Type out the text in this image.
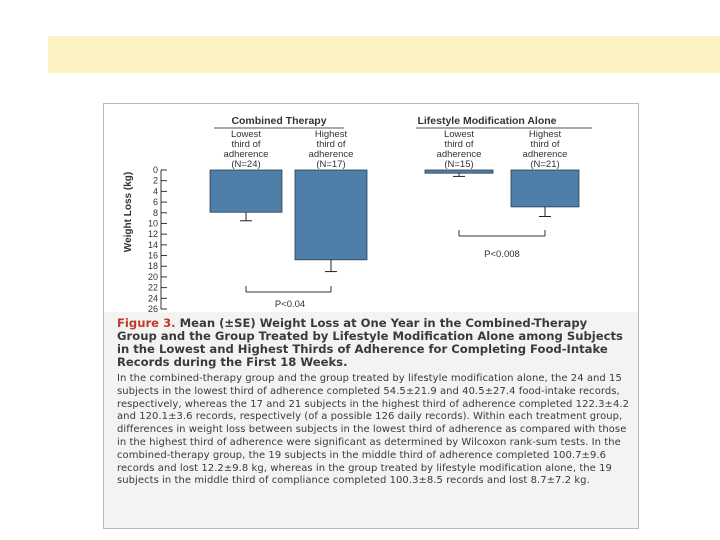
Weight Loss (kg)
Combined Therapy
Lowest
third of
adherence
(N=24)
Highest
third of
adherence
(N=17)
P<0.04
Lifestyle Modification Alone
Lowest
third of
adherence
(N=15)
Highest
third of
adherence
(N=21)
P<0.008
0
2
4
6
8
10
12
14
16
18
20
22
24
26

Figure 3. Mean (±SE) Weight Loss at One Year in the Combined-Therapy Group and the Group Treated by Lifestyle Modification Alone among Subjects in the Lowest and Highest Thirds of Adherence for Completing Food-Intake Records during the First 18 Weeks.

In the combined-therapy group and the group treated by lifestyle modification alone, the 24 and 15 subjects in the lowest third of adherence completed 54.5±21.9 and 40.5±27.4 food-intake records, respectively, whereas the 17 and 21 subjects in the highest third of adherence completed 122.3±4.2 and 120.1±3.6 records, respectively (of a possible 126 daily records). Within each treatment group, differences in weight loss between subjects in the lowest third of adherence as compared with those in the highest third of adherence were significant as determined by Wilcoxon rank-sum tests. In the combined-therapy group, the 19 subjects in the middle third of adherence completed 100.7±9.6 records and lost 12.2±9.8 kg, whereas in the group treated by lifestyle modification alone, the 19 subjects in the middle third of compliance completed 100.3±8.5 records and lost 8.7±7.2 kg.
